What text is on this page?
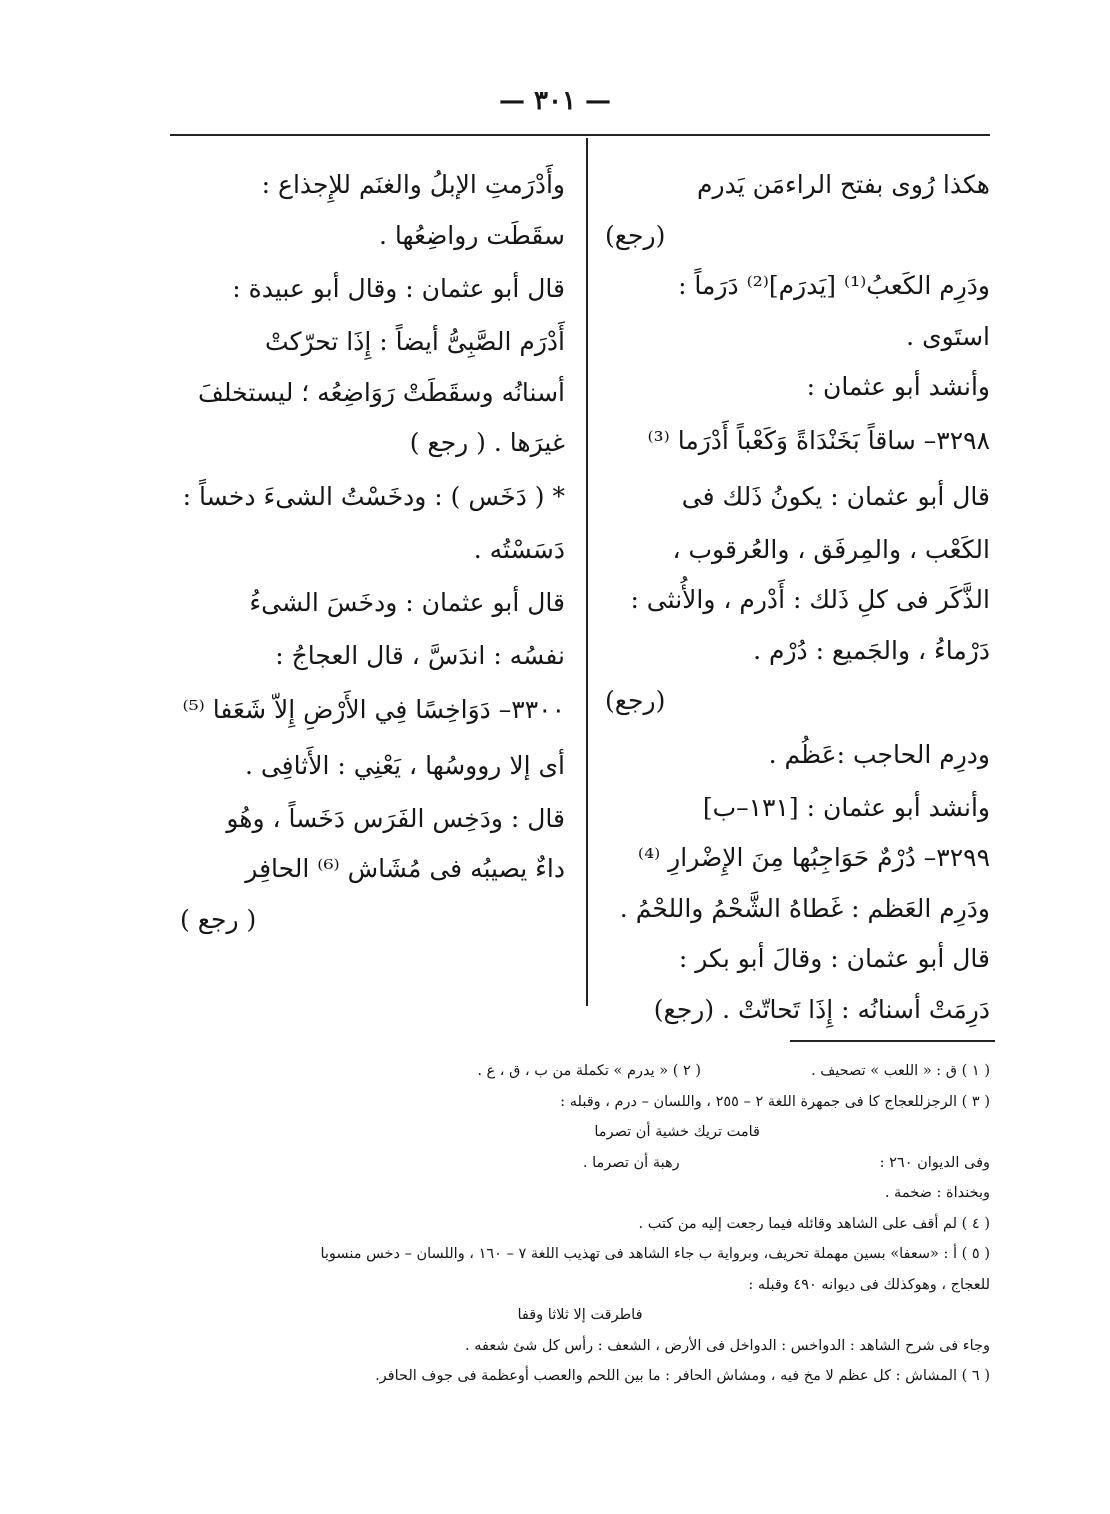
— ٣٠١ —
هكذا رُوى بفتح الراءمَن يَدرم
(رجع)
ودَرِم الكَعبُ⁽¹⁾ [يَدرَم]⁽²⁾ دَرَماً :
استَوى .
وأنشد أبو عثمان :
٣٢٩٨– ساقاً بَخَنْدَاةً وَكَعْباً أَدْرَما ⁽³⁾
قال أبو عثمان : يكونُ ذَلك فى
الكَعْب ، والمِرفَق ، والعُرقوب ،
الذَّكَر فى كلِ ذَلك : أَدْرم ، والأُنثى :
دَرْماءُ ، والجَميع : دُرْم .
(رجع)
ودرِم الحاجب :عَظُم .
وأنشد أبو عثمان : [١٣١–ب]
٣٢٩٩– دُرْمٌ حَوَاجِبُها مِنَ الإِضْرارِ ⁽⁴⁾
ودَرِم العَظم : غَطاهُ الشَّحْمُ واللحْمُ .
قال أبو عثمان : وقالَ أبو بكر :
دَرِمَتْ أسنانُه : إِذَا تَحاتّتْ . (رجع)
وأَدْرَمتِ الإبلُ والغنَم للإِجذاع :
سقَطَت رواضِعُها .
قال أبو عثمان : وقال أبو عبيدة :
أَدْرَم الصَّبِىُّ أيضاً : إِذَا تحرّكتْ
أسنانُه وسقَطَتْ رَوَاضِعُه ؛ ليستخلفَ
غيرَها . ( رجع )
* ( دَخَس ) : ودخَسْتُ الشىءَ دخساً :
دَسَسْتُه .
قال أبو عثمان : ودخَسَ الشىءُ
نفسُه : اندَسَّ ، قال العجاجُ :
٣٣٠٠– دَوَاخِسًا فِي الأَرْضِ إِلاّ شَعَفا ⁽⁵⁾
أى إلا رووسُها ، يَعْنِي : الأَثافِى .
قال : ودَخِس الفَرَس دَخَساً ، وهُو
داءٌ يصيبُه فى مُشَاش ⁽⁶⁾ الحافِر
( رجع )
( ١ ) ق : « اللعب » تصحيف .( ٢ ) « يدرم » تكملة من ب ، ق ، ع .
( ٣ ) الرجزللعجاج كا فى جمهرة اللغة ٢ – ٢٥٥ ، واللسان – درم ، وقبله :
قامت تريك خشية أن تصرما
وفى الديوان ٢٦٠ :رهبة أن تصرما .
وبخنداة : ضخمة .
( ٤ ) لم أقف على الشاهد وقائله فيما رجعت إليه من كتب .
( ٥ ) أ : «سعفا» بسين مهملة تحريف، وبرواية ب جاء الشاهد فى تهذيب اللغة ٧ – ١٦٠ ، واللسان – دخس منسوبا
للعجاج ، وهوكذلك فى ديوانه ٤٩٠ وقبله :
فاطرقت إلا ثلاثا وقفا
وجاء فى شرح الشاهد : الدواخس : الدواخل فى الأرض ، الشعف : رأس كل شئ شعفه .
( ٦ ) المشاش : كل عظم لا مخ فيه ، ومشاش الحافر : ما بين اللحم والعصب أوعظمة فى جوف الحافر.
